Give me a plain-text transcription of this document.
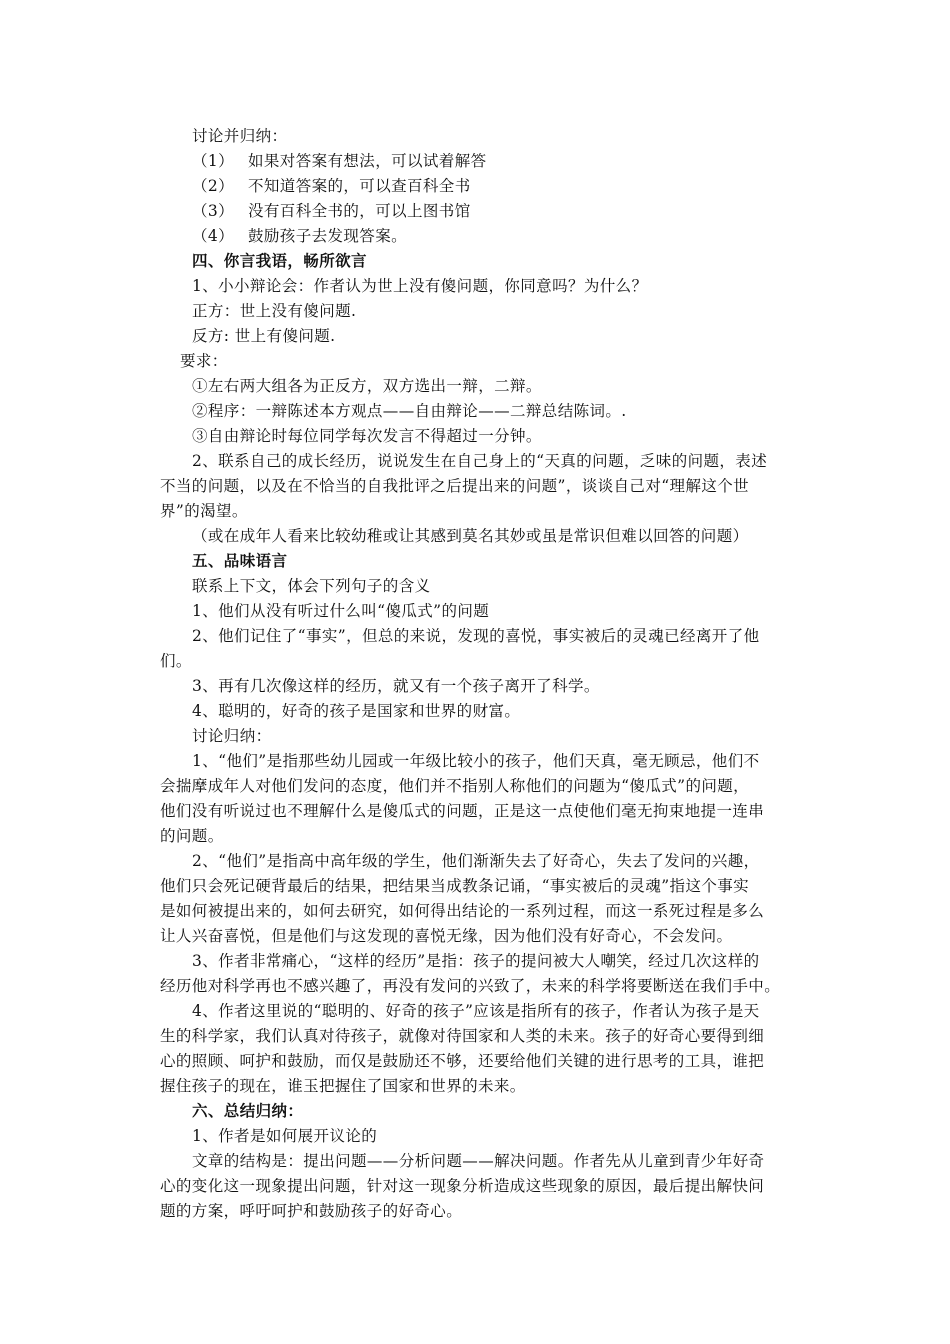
讨论并归纳：
（1） 如果对答案有想法，可以试着解答
（2） 不知道答案的，可以查百科全书
（3） 没有百科全书的，可以上图书馆
（4） 鼓励孩子去发现答案。
四、你言我语，畅所欲言
1、小小辩论会：作者认为世上没有傻问题，你同意吗？为什么？
正方：世上没有傻问题.
反方: 世上有傻问题.
要求：
①左右两大组各为正反方，双方选出一辩，二辩。
②程序：一辩陈述本方观点——自由辩论——二辩总结陈词。.
③自由辩论时每位同学每次发言不得超过一分钟。
2、联系自己的成长经历，说说发生在自己身上的“天真的问题，乏味的问题，表述
不当的问题，以及在不恰当的自我批评之后提出来的问题”，谈谈自己对“理解这个世
界”的渴望。
（或在成年人看来比较幼稚或让其感到莫名其妙或虽是常识但难以回答的问题）
五、品味语言
联系上下文，体会下列句子的含义
1、他们从没有听过什么叫“傻瓜式”的问题
2、他们记住了“事实”，但总的来说，发现的喜悦，事实被后的灵魂已经离开了他
们。
3、再有几次像这样的经历，就又有一个孩子离开了科学。
4、聪明的，好奇的孩子是国家和世界的财富。
讨论归纳：
1、“他们”是指那些幼儿园或一年级比较小的孩子，他们天真，毫无顾忌，他们不
会揣摩成年人对他们发问的态度，他们并不指别人称他们的问题为“傻瓜式”的问题，
他们没有听说过也不理解什么是傻瓜式的问题，正是这一点使他们毫无拘束地提一连串
的问题。
2、“他们”是指高中高年级的学生，他们渐渐失去了好奇心，失去了发问的兴趣，
他们只会死记硬背最后的结果，把结果当成教条记诵，“事实被后的灵魂”指这个事实
是如何被提出来的，如何去研究，如何得出结论的一系列过程，而这一系死过程是多么
让人兴奋喜悦，但是他们与这发现的喜悦无缘，因为他们没有好奇心，不会发问。
3、作者非常痛心，“这样的经历”是指：孩子的提问被大人嘲笑，经过几次这样的
经历他对科学再也不感兴趣了，再没有发问的兴致了，未来的科学将要断送在我们手中。
4、作者这里说的“聪明的、好奇的孩子”应该是指所有的孩子，作者认为孩子是天
生的科学家，我们认真对待孩子，就像对待国家和人类的未来。孩子的好奇心要得到细
心的照顾、呵护和鼓励，而仅是鼓励还不够，还要给他们关键的进行思考的工具，谁把
握住孩子的现在，谁玉把握住了国家和世界的未来。
六、总结归纳：
1、作者是如何展开议论的
文章的结构是：提出问题——分析问题——解决问题。作者先从儿童到青少年好奇
心的变化这一现象提出问题，针对这一现象分析造成这些现象的原因，最后提出解快问
题的方案，呼吁呵护和鼓励孩子的好奇心。
